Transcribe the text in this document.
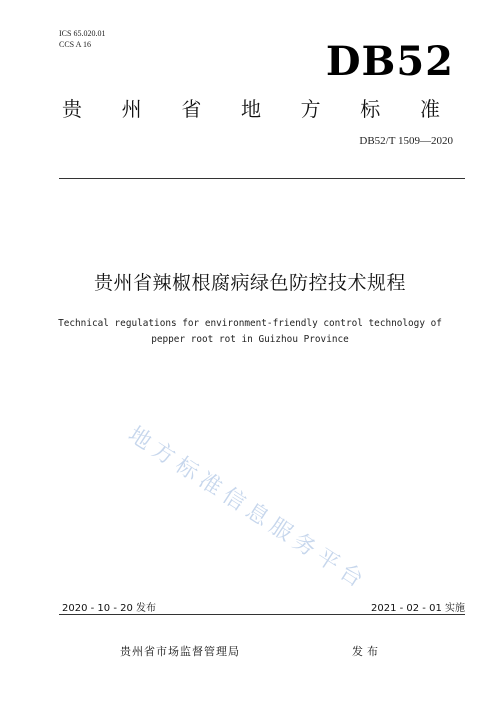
ICS 65.020.01
CCS A 16	DB52
贵 州 省 地 方 标 准
DB52/T 1509—2020
贵州省辣椒根腐病绿色防控技术规程
Technical regulations for environment-friendly control technology of
pepper root rot in Guizhou Province
地方标准信息服务平台
2020 - 10 - 20 发布	2021 - 02 - 01 实施
贵州省市场监督管理局	发布
